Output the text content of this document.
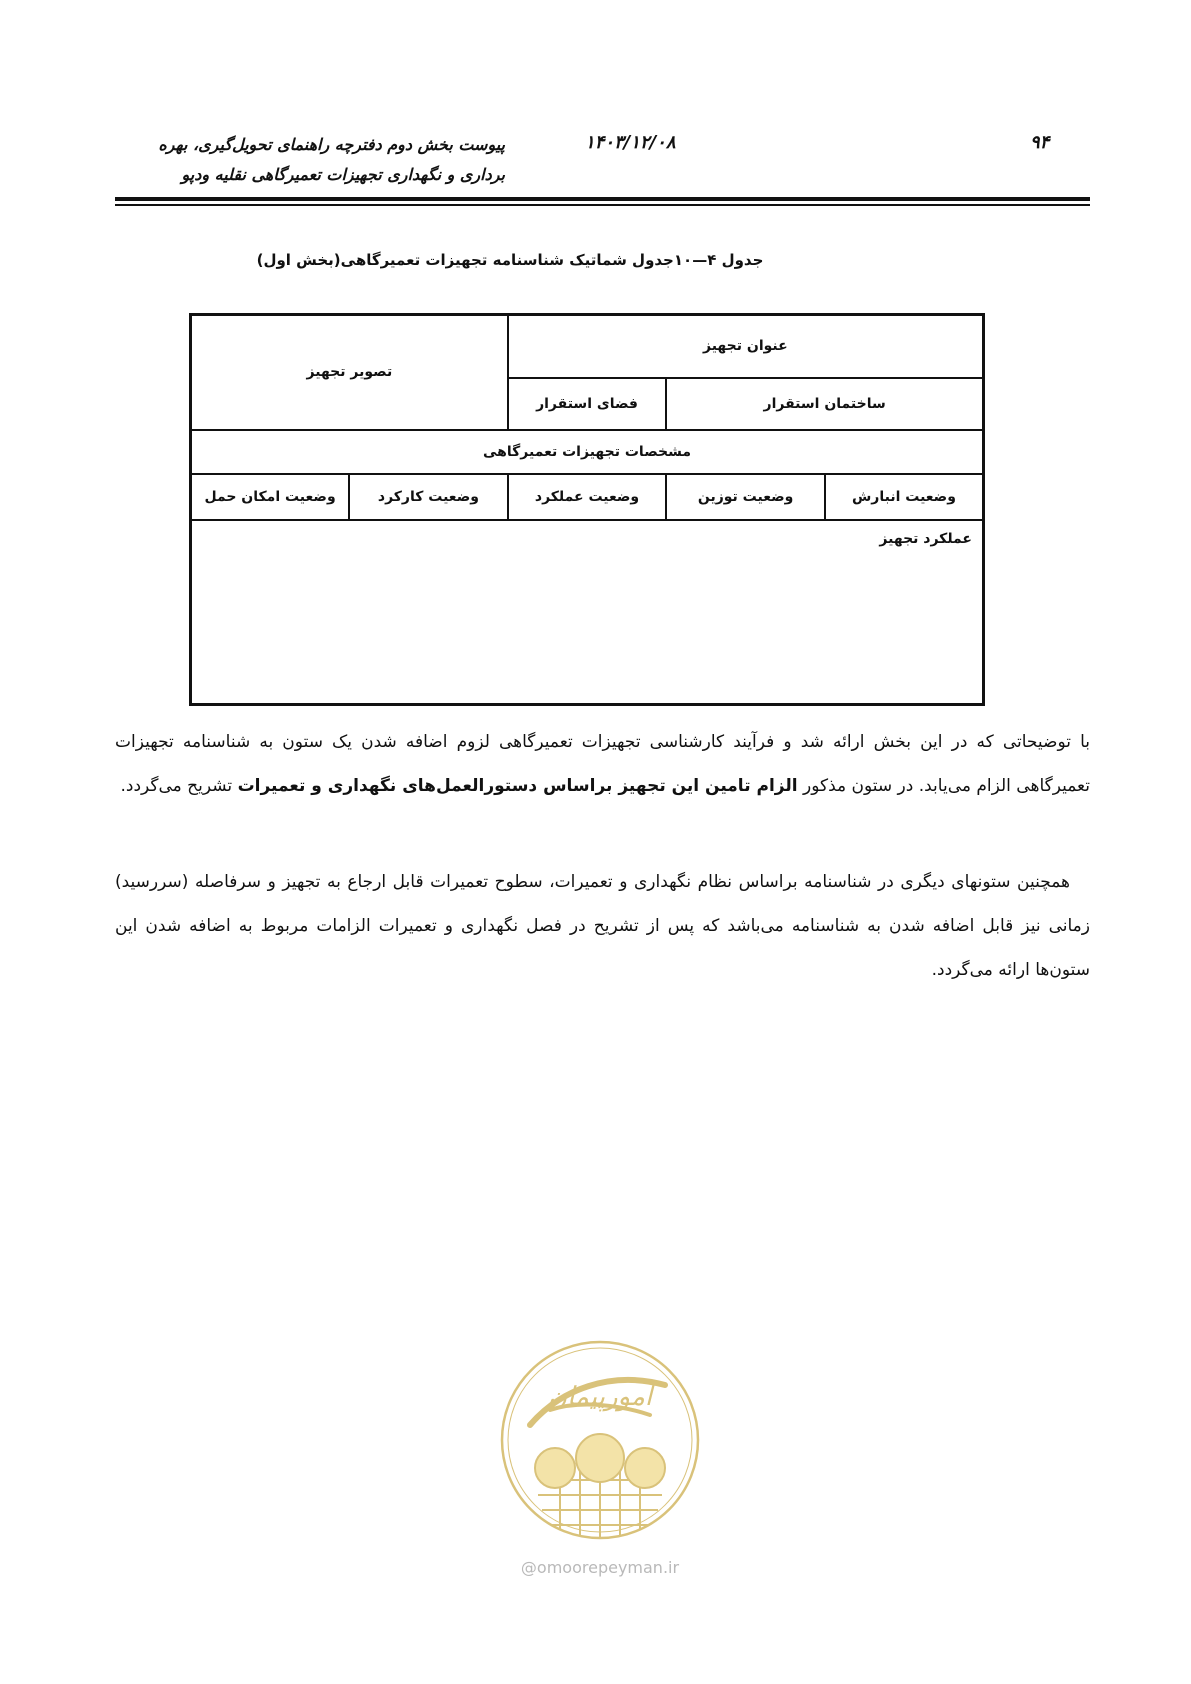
۹۴
۱۴۰۳/۱۲/۰۸
پیوست بخش دوم دفترچه راهنمای تحویل‌گیری، بهره
برداری و نگهداری تجهیزات تعمیرگاهی نقلیه ودپو
جدول ۴—۱۰جدول شماتیک شناسنامه تجهیزات تعمیرگاهی(بخش اول)
عنوان تجهیز			تصویر تجهیز	
ساختمان استقرار		فضای استقرار		
مشخصات تجهیزات تعمیرگاهی				
وضعیت انبارش	وضعیت توزین	وضعیت عملکرد	وضعیت کارکرد	وضعیت امکان حمل
عملکرد تجهیز				
با توضیحاتی که در این بخش ارائه شد و فرآیند کارشناسی تجهیزات تعمیرگاهی لزوم اضافه شدن یک ستون به شناسنامه تجهیزات تعمیرگاهی الزام می‌یابد. در ستون مذکور الزام تامین این تجهیز براساس دستورالعمل‌های نگهداری و تعمیرات تشریح می‌گردد.
همچنین ستونهای دیگری در شناسنامه براساس نظام نگهداری و تعمیرات، سطوح تعمیرات قابل ارجاع به تجهیز و سرفاصله (سررسید) زمانی نیز قابل اضافه شدن به شناسنامه می‌باشد که پس از تشریح در فصل نگهداری و تعمیرات الزامات مربوط به اضافه شدن این ستون‌ها ارائه می‌گردد.
امورپیمان
@omoorepeyman.ir
